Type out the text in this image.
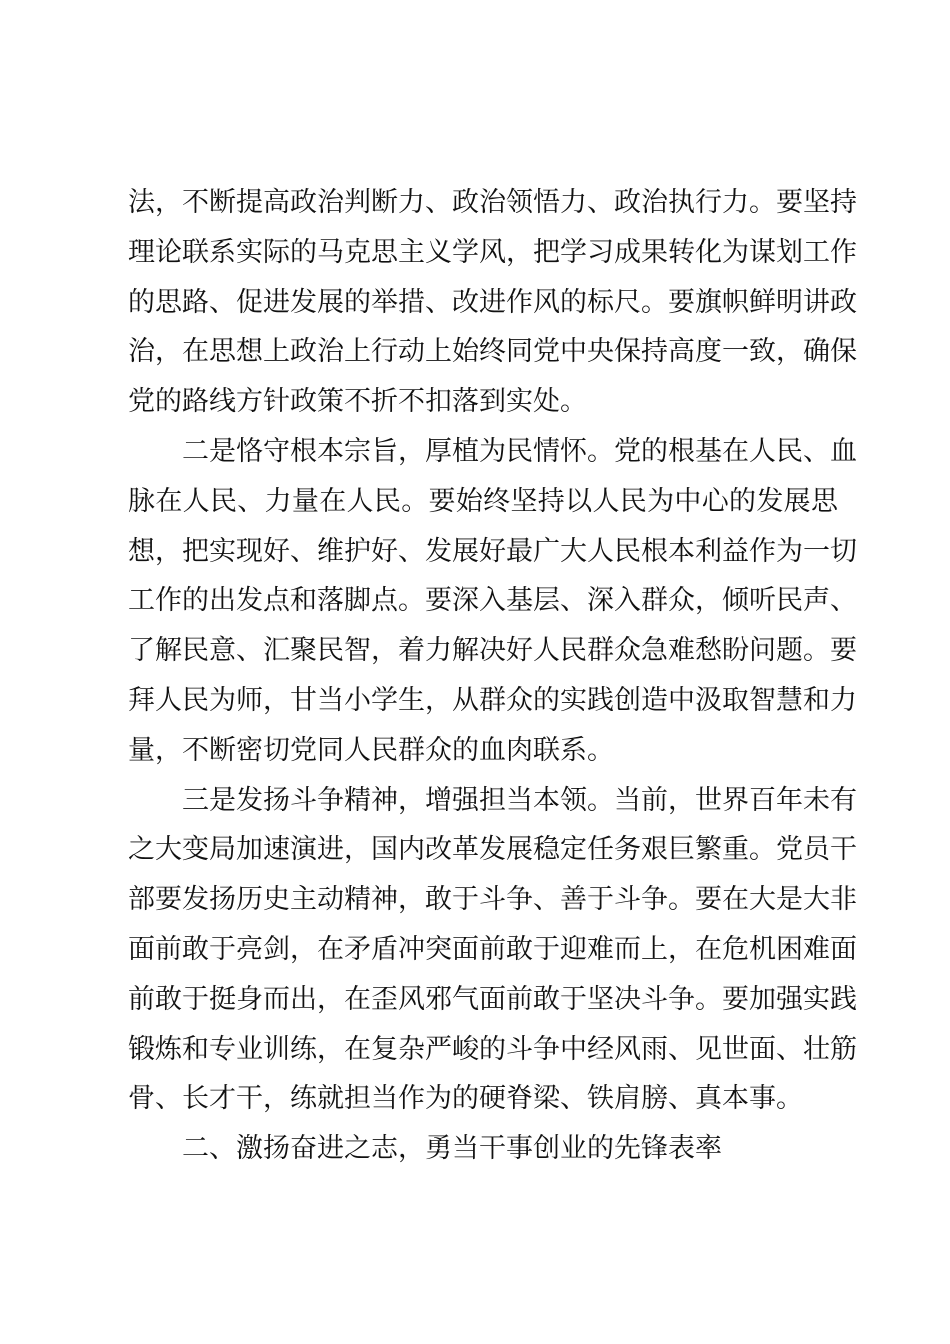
法，不断提高政治判断力、政治领悟力、政治执行力。要坚持
理论联系实际的马克思主义学风，把学习成果转化为谋划工作
的思路、促进发展的举措、改进作风的标尺。要旗帜鲜明讲政
治，在思想上政治上行动上始终同党中央保持高度一致，确保
党的路线方针政策不折不扣落到实处。
二是恪守根本宗旨，厚植为民情怀。党的根基在人民、血
脉在人民、力量在人民。要始终坚持以人民为中心的发展思
想，把实现好、维护好、发展好最广大人民根本利益作为一切
工作的出发点和落脚点。要深入基层、深入群众，倾听民声、
了解民意、汇聚民智，着力解决好人民群众急难愁盼问题。要
拜人民为师，甘当小学生，从群众的实践创造中汲取智慧和力
量，不断密切党同人民群众的血肉联系。
三是发扬斗争精神，增强担当本领。当前，世界百年未有
之大变局加速演进，国内改革发展稳定任务艰巨繁重。党员干
部要发扬历史主动精神，敢于斗争、善于斗争。要在大是大非
面前敢于亮剑，在矛盾冲突面前敢于迎难而上，在危机困难面
前敢于挺身而出，在歪风邪气面前敢于坚决斗争。要加强实践
锻炼和专业训练，在复杂严峻的斗争中经风雨、见世面、壮筋
骨、长才干，练就担当作为的硬脊梁、铁肩膀、真本事。
二、激扬奋进之志，勇当干事创业的先锋表率
